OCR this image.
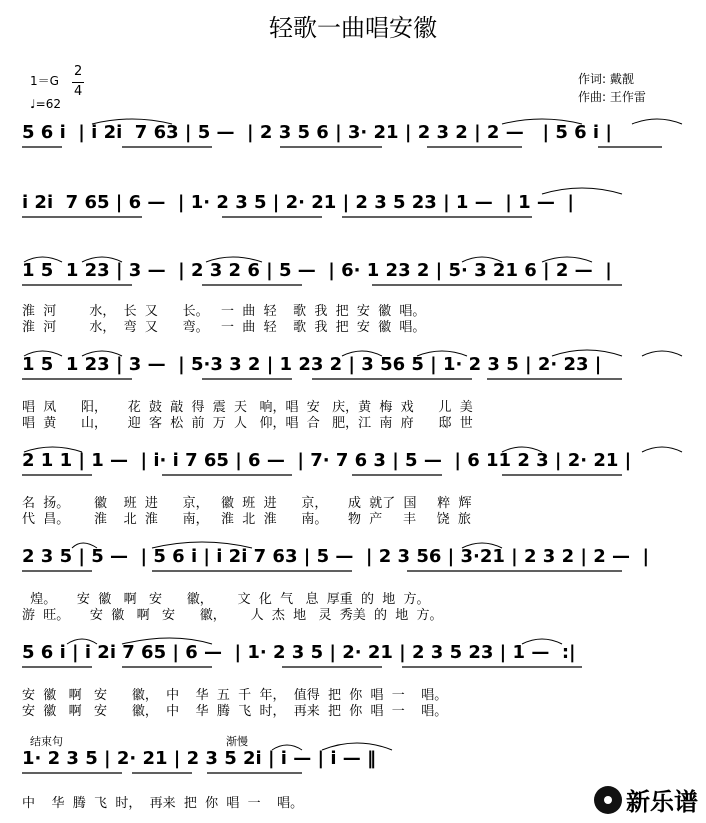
轻歌一曲唱安徽
1＝G
2
4
♩=62
作词: 戴靓
作曲: 王作雷
5 6 i  | i 2i  7 63 | 5 —  | 2 3 5 6 | 3· 21 | 2 3 2 | 2 —   | 5 6 i |
i 2i  7 65 | 6 —  | 1· 2 3 5 | 2· 21 | 2 3 5 23 | 1 —  | 1 —  |
1 5  1 23 | 3 —  | 2 3 2 6 | 5 —  | 6· 1 23 2 | 5· 3 21 6 | 2 —  |
淮  河        水，  长  又      长。   一  曲  轻    歌  我  把  安  徽  唱。
淮  河        水，  弯  又      弯。   一  曲  轻    歌  我  把  安  徽  唱。
1 5  1 23 | 3 —  | 5·3 3 2 | 1 23 2 | 3 56 5 | 1· 2 3 5 | 2· 23 |
唱  凤      阳，     花  鼓  敲  得  震  天   响，唱  安   庆，黄  梅  戏      儿  美
唱  黄      山，     迎  客  松  前  万  人   仰，唱  合   肥，江  南  府      邸  世
2 1 1 | 1 —  | i· i 7 65 | 6 —  | 7· 7 6 3 | 5 —  | 6 11 2 3 | 2· 21 |
名  扬。      徽    班  进      京，   徽  班  进      京，     成  就了  国     粹  辉
代  昌。      淮    北  淮      南，   淮  北  淮      南。     物  产     丰     饶  旅
2 3 5 | 5 —  | 5 6 i | i 2i 7 63 | 5 —  | 2 3 56 | 3·21 | 2 3 2 | 2 —  |
煌。     安  徽   啊   安      徽，      文  化  气   息  厚重  的  地  方。
游  旺。     安  徽   啊   安      徽，      人  杰  地   灵  秀美  的  地  方。
5 6 i | i 2i 7 65 | 6 —  | 1· 2 3 5 | 2· 21 | 2 3 5 23 | 1 —  :|
安  徽   啊   安      徽，  中    华  五  千  年，  值得  把  你  唱  一    唱。
安  徽   啊   安      徽，  中    华  腾  飞  时，  再来  把  你  唱  一    唱。
结束句	渐慢
1· 2 3 5 | 2· 21 | 2 3 5 2i | i — | i — ‖
中    华  腾  飞  时，  再来  把  你  唱  一    唱。	新乐谱
